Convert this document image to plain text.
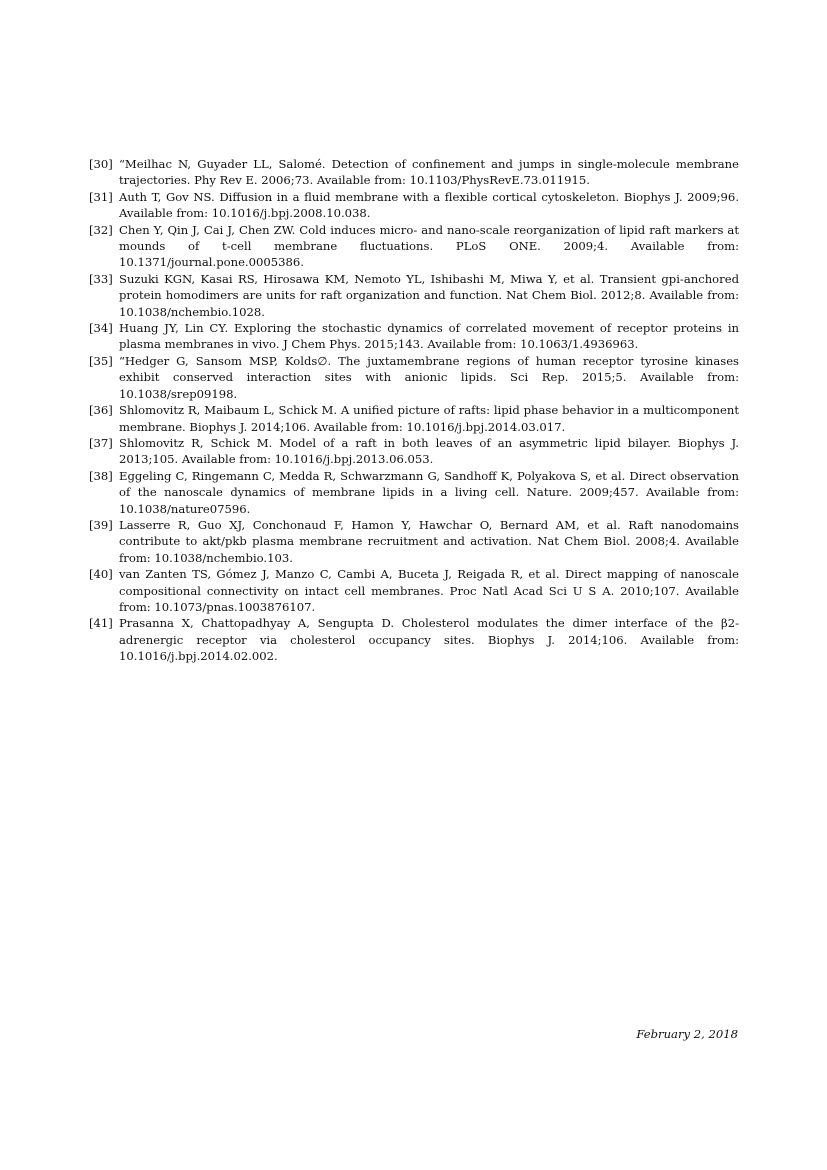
[30] “Meilhac N, Guyader LL, Salomé. Detection of confinement and jumps in single-molecule membrane trajectories. Phy Rev E. 2006;73. Available from: 10.1103/PhysRevE.73.011915.
[31] Auth T, Gov NS. Diffusion in a fluid membrane with a flexible cortical cytoskeleton. Biophys J. 2009;96. Available from: 10.1016/j.bpj.2008.10.038.
[32] Chen Y, Qin J, Cai J, Chen ZW. Cold induces micro- and nano-scale reorganization of lipid raft markers at mounds of t-cell membrane fluctuations. PLoS ONE. 2009;4. Available from: 10.1371/journal.pone.0005386.
[33] Suzuki KGN, Kasai RS, Hirosawa KM, Nemoto YL, Ishibashi M, Miwa Y, et al. Transient gpi-anchored protein homodimers are units for raft organization and function. Nat Chem Biol. 2012;8. Available from: 10.1038/nchembio.1028.
[34] Huang JY, Lin CY. Exploring the stochastic dynamics of correlated movement of receptor proteins in plasma membranes in vivo. J Chem Phys. 2015;143. Available from: 10.1063/1.4936963.
[35] “Hedger G, Sansom MSP, Kolds∅. The juxtamembrane regions of human receptor tyrosine kinases exhibit conserved interaction sites with anionic lipids. Sci Rep. 2015;5. Available from: 10.1038/srep09198.
[36] Shlomovitz R, Maibaum L, Schick M. A unified picture of rafts: lipid phase behavior in a multicomponent membrane. Biophys J. 2014;106. Available from: 10.1016/j.bpj.2014.03.017.
[37] Shlomovitz R, Schick M. Model of a raft in both leaves of an asymmetric lipid bilayer. Biophys J. 2013;105. Available from: 10.1016/j.bpj.2013.06.053.
[38] Eggeling C, Ringemann C, Medda R, Schwarzmann G, Sandhoff K, Polyakova S, et al. Direct observation of the nanoscale dynamics of membrane lipids in a living cell. Nature. 2009;457. Available from: 10.1038/nature07596.
[39] Lasserre R, Guo XJ, Conchonaud F, Hamon Y, Hawchar O, Bernard AM, et al. Raft nanodomains contribute to akt/pkb plasma membrane recruitment and activation. Nat Chem Biol. 2008;4. Available from: 10.1038/nchembio.103.
[40] van Zanten TS, Gómez J, Manzo C, Cambi A, Buceta J, Reigada R, et al. Direct mapping of nanoscale compositional connectivity on intact cell membranes. Proc Natl Acad Sci U S A. 2010;107. Available from: 10.1073/pnas.1003876107.
[41] Prasanna X, Chattopadhyay A, Sengupta D. Cholesterol modulates the dimer interface of the β2-adrenergic receptor via cholesterol occupancy sites. Biophys J. 2014;106. Available from: 10.1016/j.bpj.2014.02.002.
February 2, 2018
